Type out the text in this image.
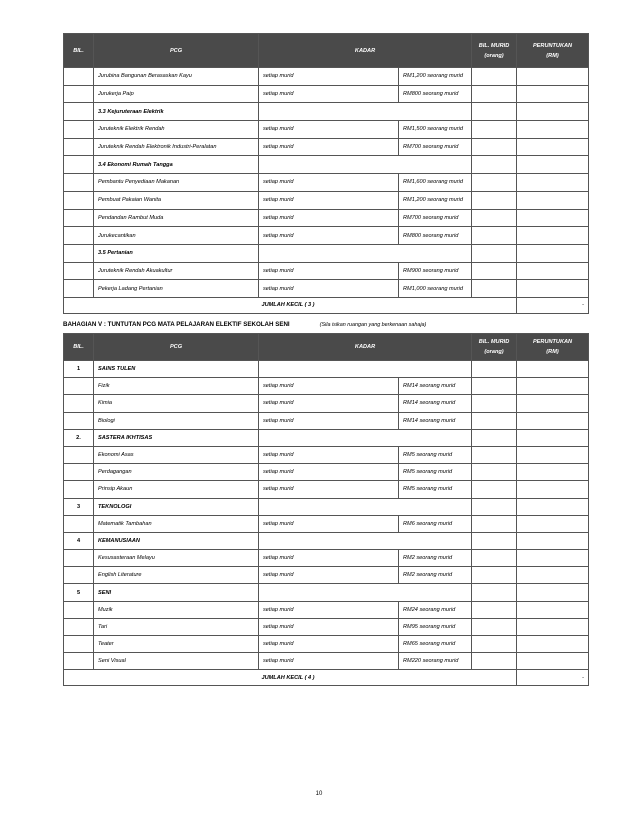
BIL.	PCG	KADAR		BIL. MURID
(orang)	PERUNTUKAN
(RM)

	Jurubina Bangunan Berasaskan Kayu	setiap murid	RM1,200 seorang murid		
	Jurukerja Paip	setiap murid	RM800 seorang murid		
	3.3 Kejuruteraan Elektrik				
	Juruteknik Elektrik Rendah	setiap murid	RM1,500 seorang murid		
	Juruteknik Rendah Elektronik Industri-Peralatan	setiap murid	RM700 seorang murid		
	3.4 Ekonomi Rumah Tangga				
	Pembantu Penyediaan Makanan	setiap murid	RM1,600 seorang murid		
	Pembuat Pakaian Wanita	setiap murid	RM1,200 seorang murid		
	Pendandan Rambut Muda	setiap murid	RM700 seorang murid		
	Jurukecantikan	setiap murid	RM800 seorang murid		
	3.5 Pertanian				
	Juruteknik Rendah Akuakultur	setiap murid	RM900 seorang murid		
	Pekerja Ladang Pertanian	setiap murid	RM1,000 seorang murid		
JUMLAH KECIL ( 3 )					-
BAHAGIAN V : TUNTUTAN PCG MATA PELAJARAN ELEKTIF SEKOLAH SENI	(Sila isikan ruangan yang berkenaan sahaja)
BIL.	PCG	KADAR		BIL. MURID
(orang)	PERUNTUKAN
(RM)

1	SAINS TULEN				
	Fizik	setiap murid	RM14 seorang murid		
	Kimia	setiap murid	RM14 seorang murid		
	Biologi	setiap murid	RM14 seorang murid		
2.	SASTERA IKHTISAS				
	Ekonomi Asas	setiap murid	RM5 seorang murid		
	Perdagangan	setiap murid	RM5 seorang murid		
	Prinsip Akaun	setiap murid	RM5 seorang murid		
3	TEKNOLOGI				
	Matematik Tambahan	setiap murid	RM6 seorang murid		
4	KEMANUSIAAN				
	Kesusasteraan Melayu	setiap murid	RM2 seorang murid		
	English Literature	setiap murid	RM2 seorang murid		
5	SENI				
	Muzik	setiap murid	RM24 seorang murid		
	Tari	setiap murid	RM95 seorang murid		
	Teater	setiap murid	RM65 seorang murid		
	Seni Visual	setiap murid	RM220 seorang murid		
JUMLAH KECIL ( 4 )					-
10
